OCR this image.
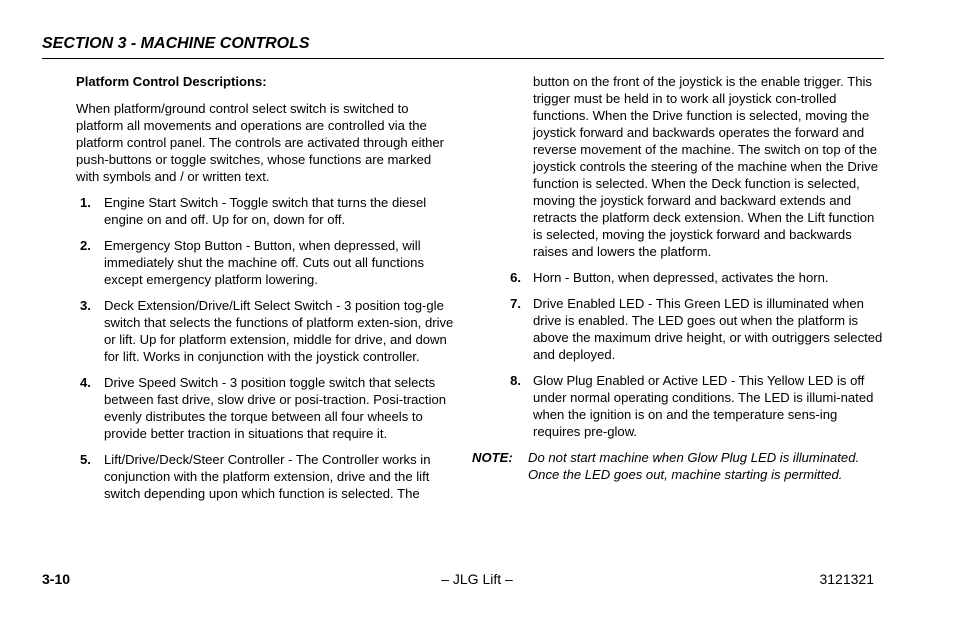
SECTION 3 - MACHINE CONTROLS
Platform Control Descriptions:
When platform/ground control select switch is switched to platform all movements and operations are controlled via the platform control panel. The controls are activated through either push-buttons or toggle switches, whose functions are marked with symbols and / or written text.
1. Engine Start Switch - Toggle switch that turns the diesel engine on and off. Up for on, down for off.
2. Emergency Stop Button - Button, when depressed, will immediately shut the machine off. Cuts out all functions except emergency platform lowering.
3. Deck Extension/Drive/Lift Select Switch - 3 position tog-gle switch that selects the functions of platform exten-sion, drive or lift. Up for platform extension, middle for drive, and down for lift. Works in conjunction with the joystick controller.
4. Drive Speed Switch - 3 position toggle switch that selects between fast drive, slow drive or posi-traction. Posi-traction evenly distributes the torque between all four wheels to provide better traction in situations that require it.
5. Lift/Drive/Deck/Steer Controller - The Controller works in conjunction with the platform extension, drive and the lift switch depending upon which function is selected. The
button on the front of the joystick is the enable trigger. This trigger must be held in to work all joystick con-trolled functions. When the Drive function is selected, moving the joystick forward and backwards operates the forward and reverse movement of the machine. The switch on top of the joystick controls the steering of the machine when the Drive function is selected. When the Deck function is selected, moving the joystick forward and backward extends and retracts the platform deck extension. When the Lift function is selected, moving the joystick forward and backwards raises and lowers the platform.
6. Horn - Button, when depressed, activates the horn.
7. Drive Enabled LED - This Green LED is illuminated when drive is enabled. The LED goes out when the platform is above the maximum drive height, or with outriggers selected and deployed.
8. Glow Plug Enabled or Active LED - This Yellow LED is off under normal operating conditions. The LED is illumi-nated when the ignition is on and the temperature sens-ing requires pre-glow.
NOTE:	Do not start machine when Glow Plug LED is illuminated. Once the LED goes out, machine starting is permitted.
3-10	– JLG Lift –	3121321
